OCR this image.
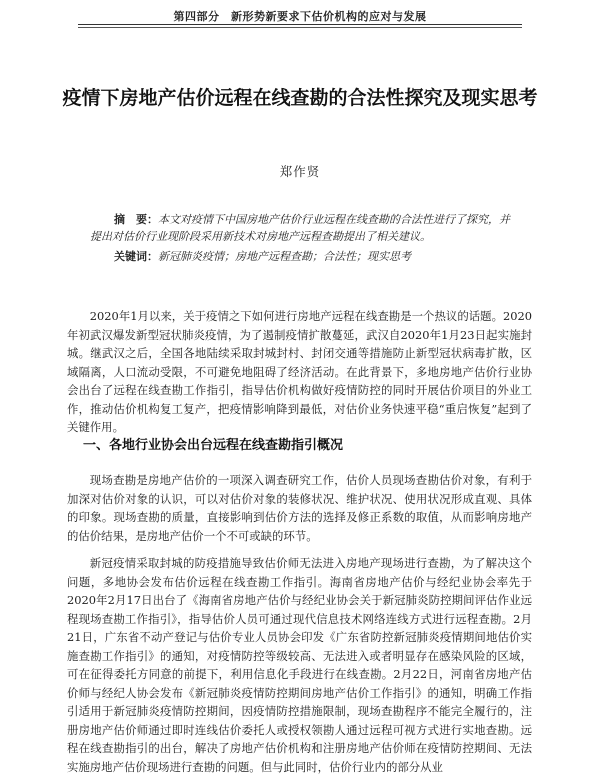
第四部分　新形势新要求下估价机构的应对与发展
疫情下房地产估价远程在线查勘的合法性探究及现实思考
郑作贤
摘　要：本文对疫情下中国房地产估价行业远程在线查勘的合法性进行了探究，并提出对估价行业现阶段采用新技术对房地产远程查勘提出了相关建议。
关键词：新冠肺炎疫情；房地产远程查勘；合法性；现实思考

2020年1月以来，关于疫情之下如何进行房地产远程在线查勘是一个热议的话题。2020年初武汉爆发新型冠状肺炎疫情，为了遏制疫情扩散蔓延，武汉自2020年1月23日起实施封城。继武汉之后，全国各地陆续采取封城封村、封闭交通等措施防止新型冠状病毒扩散，区域隔离，人口流动受限，不可避免地阻碍了经济活动。在此背景下，多地房地产估价行业协会出台了远程在线查勘工作指引，指导估价机构做好疫情防控的同时开展估价项目的外业工作，推动估价机构复工复产，把疫情影响降到最低，对估价业务快速平稳“重启恢复”起到了关键作用。

一、各地行业协会出台远程在线查勘指引概况

现场查勘是房地产估价的一项深入调查研究工作，估价人员现场查勘估价对象，有利于加深对估价对象的认识，可以对估价对象的装修状况、维护状况、使用状况形成直观、具体的印象。现场查勘的质量，直接影响到估价方法的选择及修正系数的取值，从而影响房地产的估价结果，是房地产估价一个不可或缺的环节。

新冠疫情采取封城的防疫措施导致估价师无法进入房地产现场进行查勘，为了解决这个问题，多地协会发布估价远程在线查勘工作指引。海南省房地产估价与经纪业协会率先于2020年2月17日出台了《海南省房地产估价与经纪业协会关于新冠肺炎防控期间评估作业远程现场查勘工作指引》，指导估价人员可通过现代信息技术网络连线方式进行远程查勘。2月21日，广东省不动产登记与估价专业人员协会印发《广东省防控新冠肺炎疫情期间地估价实施查勘工作指引》的通知，对疫情防控等级较高、无法进入或者明显存在感染风险的区域，可在征得委托方同意的前提下，利用信息化手段进行在线查勘。2月22日，河南省房地产估价师与经纪人协会发布《新冠肺炎疫情防控期间房地产估价工作指引》的通知，明确工作指引适用于新冠肺炎疫情防控期间，因疫情防控措施限制，现场查勘程序不能完全履行的，注册房地产估价师通过即时连线估价委托人或授权领勘人通过远程可视方式进行实地查勘。远程在线查勘指引的出台，解决了房地产估价机构和注册房地产估价师在疫情防控期间、无法实施房地产估价现场进行查勘的问题。但与此同时，估价行业内的部分从业
